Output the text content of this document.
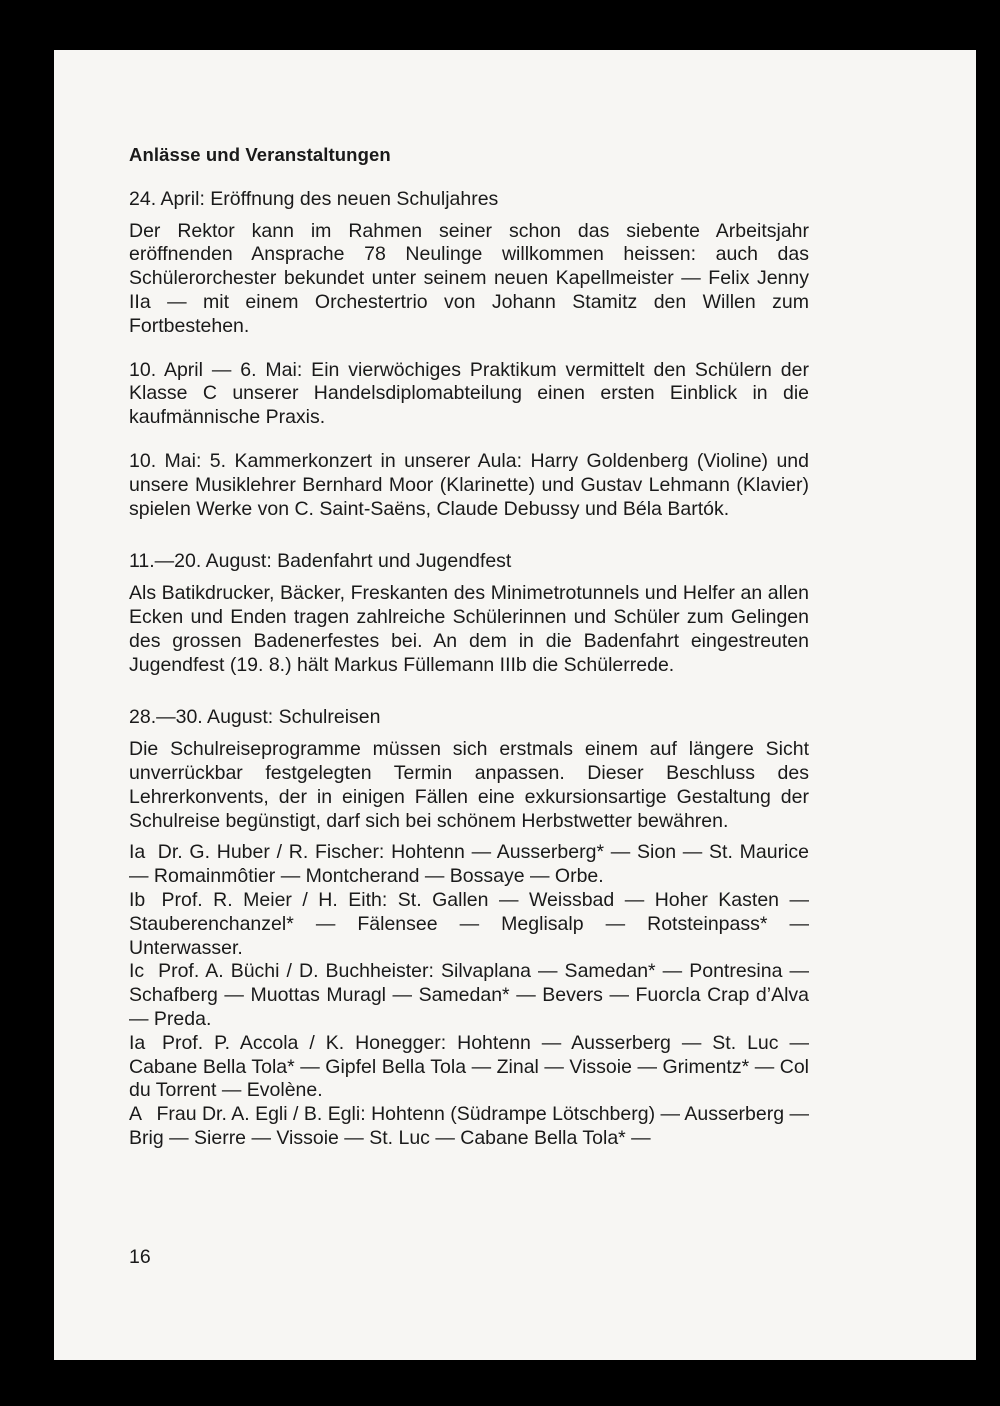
Anlässe und Veranstaltungen
24. April: Eröffnung des neuen Schuljahres

Der Rektor kann im Rahmen seiner schon das siebente Arbeitsjahr eröffnenden Ansprache 78 Neulinge willkommen heissen: auch das Schülerorchester bekundet unter seinem neuen Kapellmeister — Felix Jenny IIa — mit einem Orchestertrio von Johann Stamitz den Willen zum Fortbestehen.

10. April — 6. Mai: Ein vierwöchiges Praktikum vermittelt den Schülern der Klasse C unserer Handelsdiplomabteilung einen ersten Einblick in die kaufmännische Praxis.

10. Mai: 5. Kammerkonzert in unserer Aula: Harry Goldenberg (Violine) und unsere Musiklehrer Bernhard Moor (Klarinette) und Gustav Lehmann (Klavier) spielen Werke von C. Saint-Saëns, Claude Debussy und Béla Bartók.

11.—20. August: Badenfahrt und Jugendfest

Als Batikdrucker, Bäcker, Freskanten des Minimetrotunnels und Helfer an allen Ecken und Enden tragen zahlreiche Schülerinnen und Schüler zum Gelingen des grossen Badenerfestes bei. An dem in die Badenfahrt eingestreuten Jugendfest (19. 8.) hält Markus Füllemann IIIb die Schülerrede.

28.—30. August: Schulreisen

Die Schulreiseprogramme müssen sich erstmals einem auf längere Sicht unverrückbar festgelegten Termin anpassen. Dieser Beschluss des Lehrerkonvents, der in einigen Fällen eine exkursionsartige Gestaltung der Schulreise begünstigt, darf sich bei schönem Herbstwetter bewähren.

Ia Dr. G. Huber / R. Fischer: Hohtenn — Ausserberg* — Sion — St. Maurice — Romainmôtier — Montcherand — Bossaye — Orbe.

Ib Prof. R. Meier / H. Eith: St. Gallen — Weissbad — Hoher Kasten — Stauberenchanzel* — Fälensee — Meglisalp — Rotsteinpass* — Unterwasser.

Ic Prof. A. Büchi / D. Buchheister: Silvaplana — Samedan* — Pontresina — Schafberg — Muottas Muragl — Samedan* — Bevers — Fuorcla Crap d’Alva — Preda.

Ia Prof. P. Accola / K. Honegger: Hohtenn — Ausserberg — St. Luc — Cabane Bella Tola* — Gipfel Bella Tola — Zinal — Vissoie — Grimentz* — Col du Torrent — Evolène.

A Frau Dr. A. Egli / B. Egli: Hohtenn (Südrampe Lötschberg) — Ausserberg — Brig — Sierre — Vissoie — St. Luc — Cabane Bella Tola* —

16
